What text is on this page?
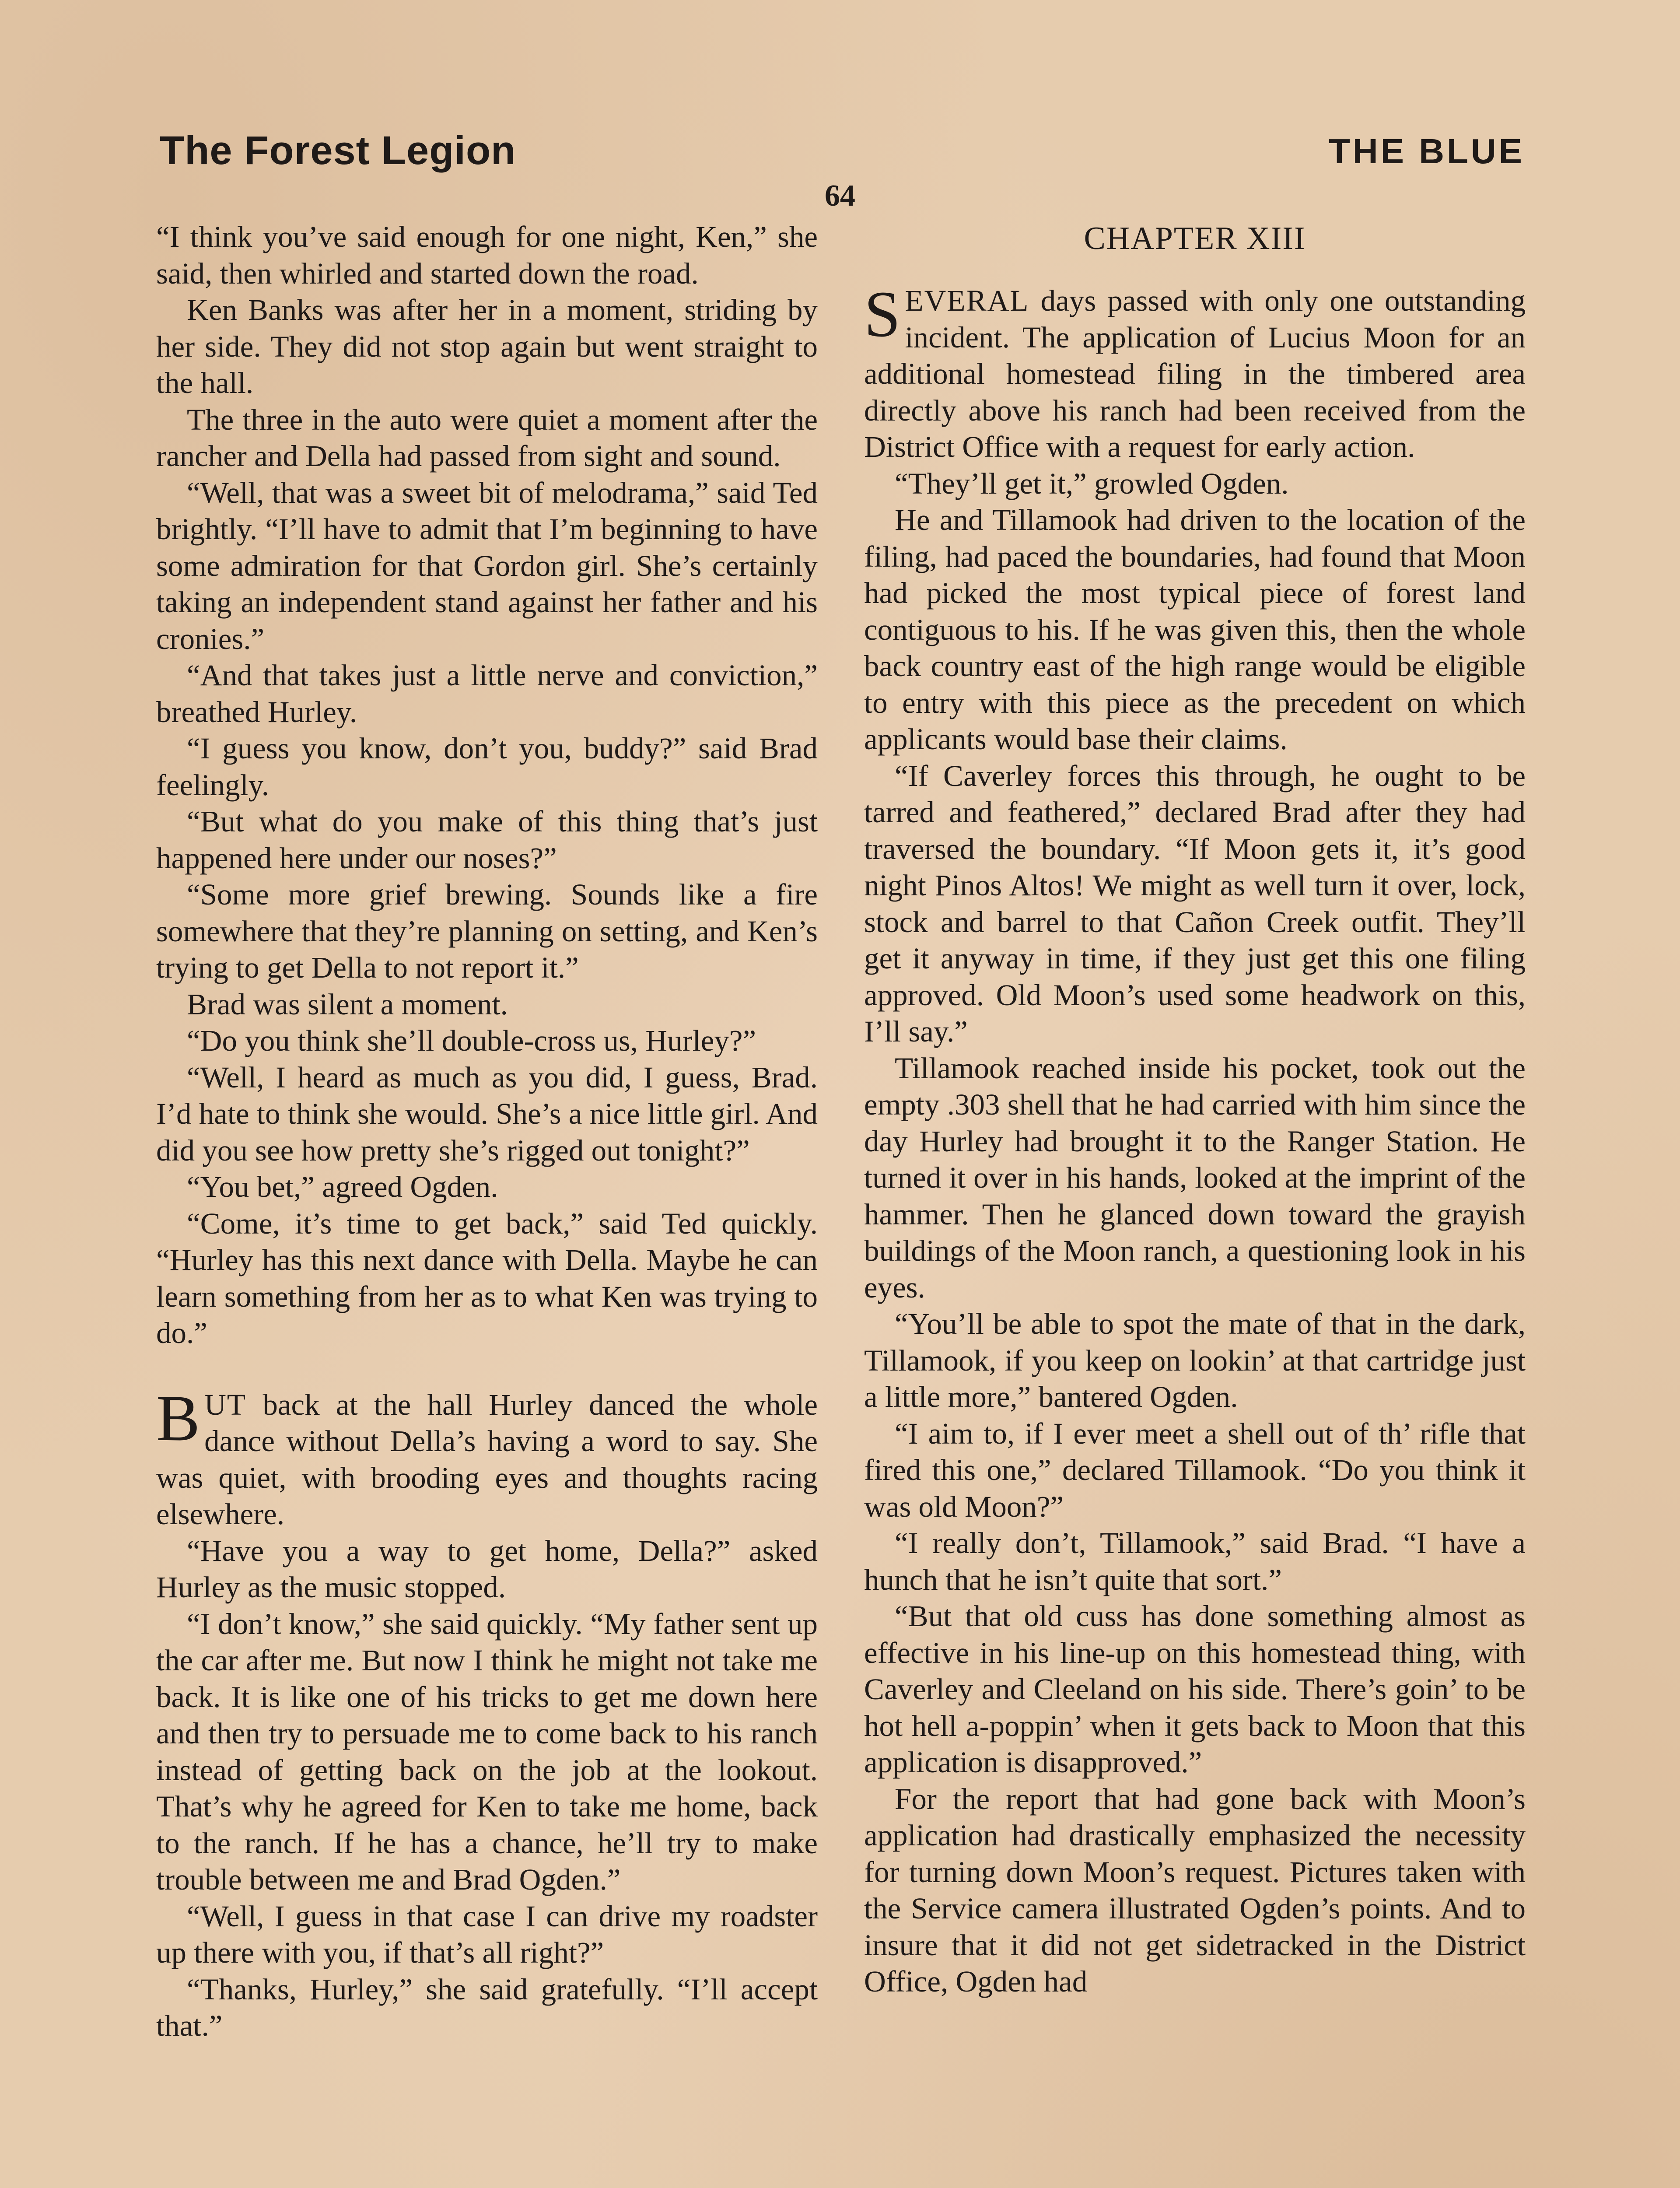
The Forest Legion
64
THE BLUE

“I think you’ve said enough for one night, Ken,” she said, then whirled and started down the road.

Ken Banks was after her in a moment, striding by her side. They did not stop again but went straight to the hall.

The three in the auto were quiet a moment after the rancher and Della had passed from sight and sound.

“Well, that was a sweet bit of melodrama,” said Ted brightly. “I’ll have to admit that I’m beginning to have some admiration for that Gordon girl. She’s certainly taking an independent stand against her father and his cronies.”

“And that takes just a little nerve and conviction,” breathed Hurley.

“I guess you know, don’t you, buddy?” said Brad feelingly.

“But what do you make of this thing that’s just happened here under our noses?”

“Some more grief brewing. Sounds like a fire somewhere that they’re planning on setting, and Ken’s trying to get Della to not report it.”

Brad was silent a moment.

“Do you think she’ll double-cross us, Hurley?”

“Well, I heard as much as you did, I guess, Brad. I’d hate to think she would. She’s a nice little girl. And did you see how pretty she’s rigged out tonight?”

“You bet,” agreed Ogden.

“Come, it’s time to get back,” said Ted quickly. “Hurley has this next dance with Della. Maybe he can learn something from her as to what Ken was trying to do.”

BUT back at the hall Hurley danced the whole dance without Della’s having a word to say. She was quiet, with brooding eyes and thoughts racing elsewhere.

“Have you a way to get home, Della?” asked Hurley as the music stopped.

“I don’t know,” she said quickly. “My father sent up the car after me. But now I think he might not take me back. It is like one of his tricks to get me down here and then try to persuade me to come back to his ranch instead of getting back on the job at the lookout. That’s why he agreed for Ken to take me home, back to the ranch. If he has a chance, he’ll try to make trouble between me and Brad Ogden.”

“Well, I guess in that case I can drive my roadster up there with you, if that’s all right?”

“Thanks, Hurley,” she said gratefully. “I’ll accept that.”

CHAPTER XIII

SEVERAL days passed with only one outstanding incident. The application of Lucius Moon for an additional homestead filing in the timbered area directly above his ranch had been received from the District Office with a request for early action.

“They’ll get it,” growled Ogden.

He and Tillamook had driven to the location of the filing, had paced the boundaries, had found that Moon had picked the most typical piece of forest land contiguous to his. If he was given this, then the whole back country east of the high range would be eligible to entry with this piece as the precedent on which applicants would base their claims.

“If Caverley forces this through, he ought to be tarred and feathered,” declared Brad after they had traversed the boundary. “If Moon gets it, it’s good night Pinos Altos! We might as well turn it over, lock, stock and barrel to that Cañon Creek outfit. They’ll get it anyway in time, if they just get this one filing approved. Old Moon’s used some headwork on this, I’ll say.”

Tillamook reached inside his pocket, took out the empty .303 shell that he had carried with him since the day Hurley had brought it to the Ranger Station. He turned it over in his hands, looked at the imprint of the hammer. Then he glanced down toward the grayish buildings of the Moon ranch, a questioning look in his eyes.

“You’ll be able to spot the mate of that in the dark, Tillamook, if you keep on lookin’ at that cartridge just a little more,” bantered Ogden.

“I aim to, if I ever meet a shell out of th’ rifle that fired this one,” declared Tillamook. “Do you think it was old Moon?”

“I really don’t, Tillamook,” said Brad. “I have a hunch that he isn’t quite that sort.”

“But that old cuss has done something almost as effective in his line-up on this homestead thing, with Caverley and Cleeland on his side. There’s goin’ to be hot hell a-poppin’ when it gets back to Moon that this application is disapproved.”

For the report that had gone back with Moon’s application had drastically emphasized the necessity for turning down Moon’s request. Pictures taken with the Service camera illustrated Ogden’s points. And to insure that it did not get sidetracked in the District Office, Ogden had
